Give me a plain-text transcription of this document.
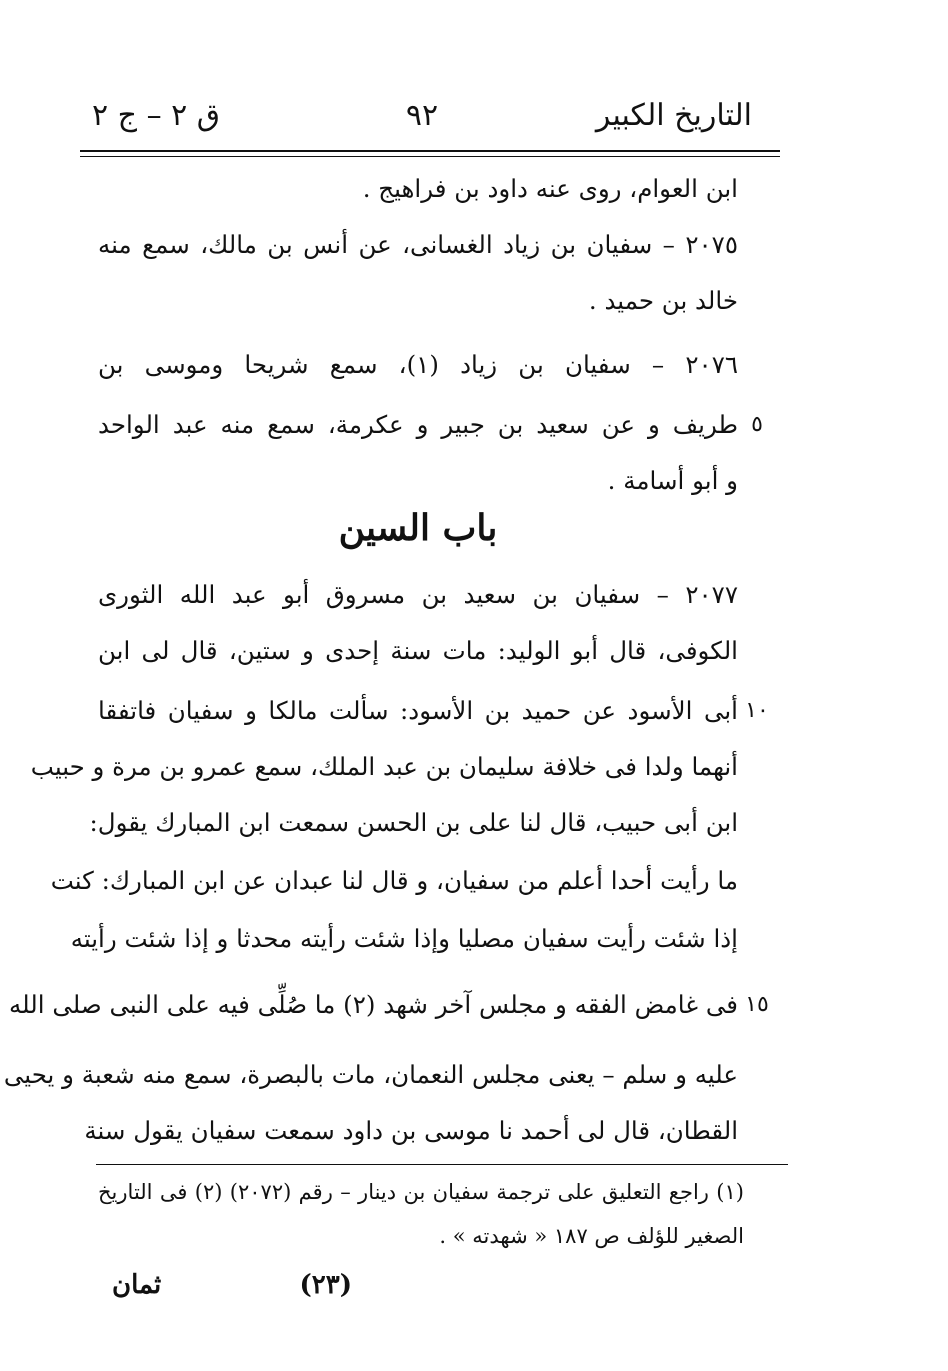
التاريخ الكبير
٩٢
ق ٢ – ج ٢
ابن العوام، روى عنه داود بن فراهيج .
٢٠٧٥ – سفيان بن زياد الغسانى، عن أنس بن مالك، سمع منه
خالد بن حميد .
٢٠٧٦ – سفيان بن زياد (١)، سمع شريحا وموسى بن
٥
طريف و عن سعيد بن جبير و عكرمة، سمع منه عبد الواحد
و أبو أسامة .
باب السين
٢٠٧٧ – سفيان بن سعيد بن مسروق أبو عبد الله الثورى
الكوفى، قال أبو الوليد: مات سنة إحدى و ستين، قال لى ابن
١٠
أبى الأسود عن حميد بن الأسود: سألت مالكا و سفيان فاتفقا
أنهما ولدا فى خلافة سليمان بن عبد الملك، سمع عمرو بن مرة و حبيب
ابن أبى حبيب، قال لنا على بن الحسن سمعت ابن المبارك يقول:
ما رأيت أحدا أعلم من سفيان، و قال لنا عبدان عن ابن المبارك: كنت
إذا شئت رأيت سفيان مصليا وإذا شئت رأيته محدثا و إذا شئت رأيته
١٥
فى غامض الفقه و مجلس آخر شهد (٢) ما صُلِّى فيه على النبى صلى الله
عليه و سلم – يعنى مجلس النعمان، مات بالبصرة، سمع منه شعبة و يحيى
القطان، قال لى أحمد نا موسى بن داود سمعت سفيان يقول سنة
(١) راجع التعليق على ترجمة سفيان بن دينار – رقم (٢٠٧٢) (٢) فى التاريخ
الصغير للؤلف ص ١٨٧ « شهدته » .
ثمان	(٢٣)
